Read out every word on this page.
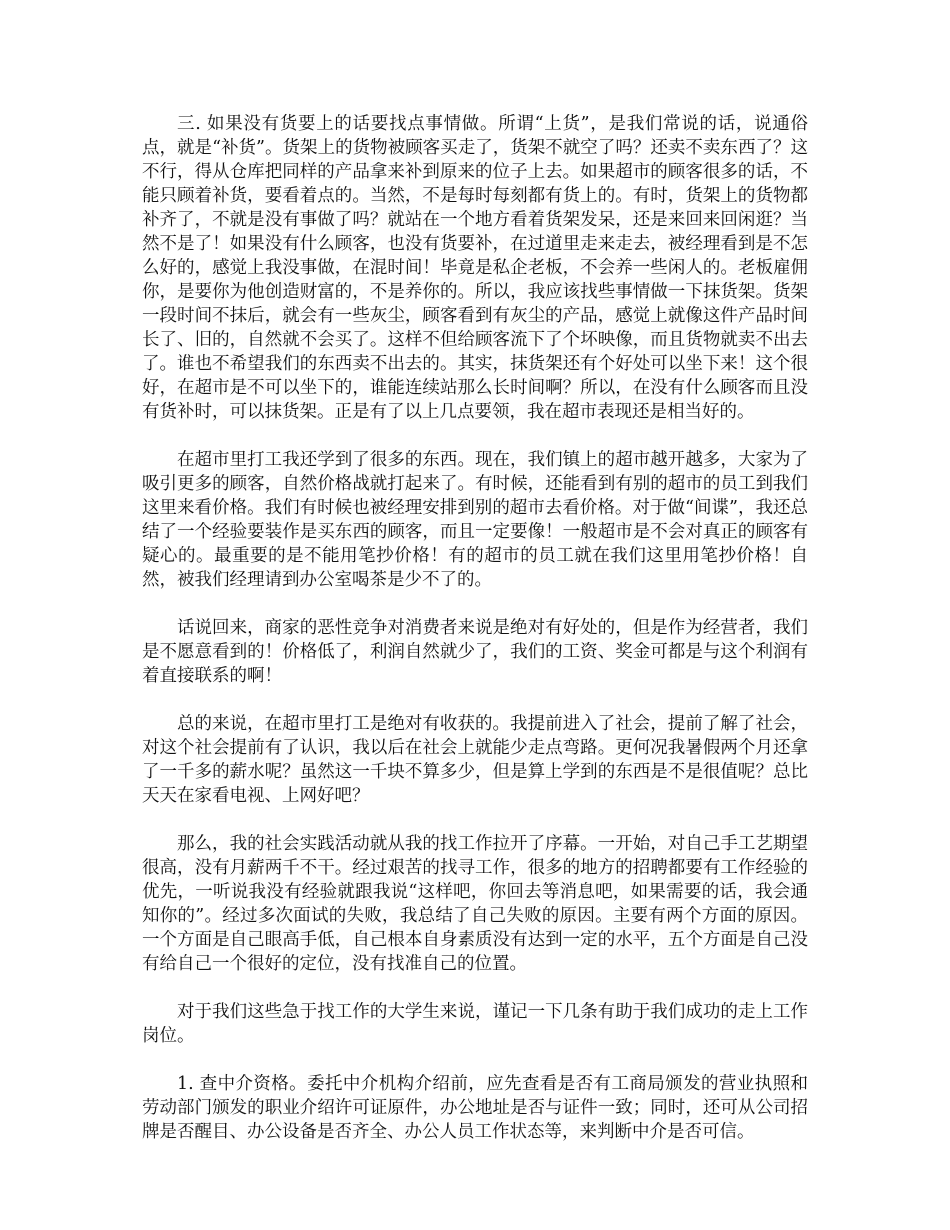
三. 如果没有货要上的话要找点事情做。所谓“上货”，是我们常说的话，说通俗点，就是“补货”。货架上的货物被顾客买走了，货架不就空了吗？还卖不卖东西了？这不行，得从仓库把同样的产品拿来补到原来的位子上去。如果超市的顾客很多的话，不能只顾着补货，要看着点的。当然，不是每时每刻都有货上的。有时，货架上的货物都补齐了，不就是没有事做了吗？就站在一个地方看着货架发呆，还是来回来回闲逛？当然不是了！如果没有什么顾客，也没有货要补，在过道里走来走去，被经理看到是不怎么好的，感觉上我没事做，在混时间！毕竟是私企老板，不会养一些闲人的。老板雇佣你，是要你为他创造财富的，不是养你的。所以，我应该找些事情做一下抹货架。货架一段时间不抹后，就会有一些灰尘，顾客看到有灰尘的产品，感觉上就像这件产品时间长了、旧的，自然就不会买了。这样不但给顾客流下了个坏映像，而且货物就卖不出去了。谁也不希望我们的东西卖不出去的。其实，抹货架还有个好处可以坐下来！这个很好，在超市是不可以坐下的，谁能连续站那么长时间啊？所以，在没有什么顾客而且没有货补时，可以抹货架。正是有了以上几点要领，我在超市表现还是相当好的。

在超市里打工我还学到了很多的东西。现在，我们镇上的超市越开越多，大家为了吸引更多的顾客，自然价格战就打起来了。有时候，还能看到有别的超市的员工到我们这里来看价格。我们有时候也被经理安排到别的超市去看价格。对于做“间谍”，我还总结了一个经验要装作是买东西的顾客，而且一定要像！一般超市是不会对真正的顾客有疑心的。最重要的是不能用笔抄价格！有的超市的员工就在我们这里用笔抄价格！自然，被我们经理请到办公室喝茶是少不了的。

话说回来，商家的恶性竞争对消费者来说是绝对有好处的，但是作为经营者，我们是不愿意看到的！价格低了，利润自然就少了，我们的工资、奖金可都是与这个利润有着直接联系的啊！

总的来说，在超市里打工是绝对有收获的。我提前进入了社会，提前了解了社会，对这个社会提前有了认识，我以后在社会上就能少走点弯路。更何况我暑假两个月还拿了一千多的薪水呢？虽然这一千块不算多少，但是算上学到的东西是不是很值呢？总比天天在家看电视、上网好吧？

那么，我的社会实践活动就从我的找工作拉开了序幕。一开始，对自己手工艺期望很高，没有月薪两千不干。经过艰苦的找寻工作，很多的地方的招聘都要有工作经验的优先，一听说我没有经验就跟我说“这样吧，你回去等消息吧，如果需要的话，我会通知你的”。经过多次面试的失败，我总结了自己失败的原因。主要有两个方面的原因。一个方面是自己眼高手低，自己根本自身素质没有达到一定的水平，五个方面是自己没有给自己一个很好的定位，没有找准自己的位置。

对于我们这些急于找工作的大学生来说，谨记一下几条有助于我们成功的走上工作岗位。

1. 查中介资格。委托中介机构介绍前，应先查看是否有工商局颁发的营业执照和劳动部门颁发的职业介绍许可证原件，办公地址是否与证件一致；同时，还可从公司招牌是否醒目、办公设备是否齐全、办公人员工作状态等，来判断中介是否可信。
